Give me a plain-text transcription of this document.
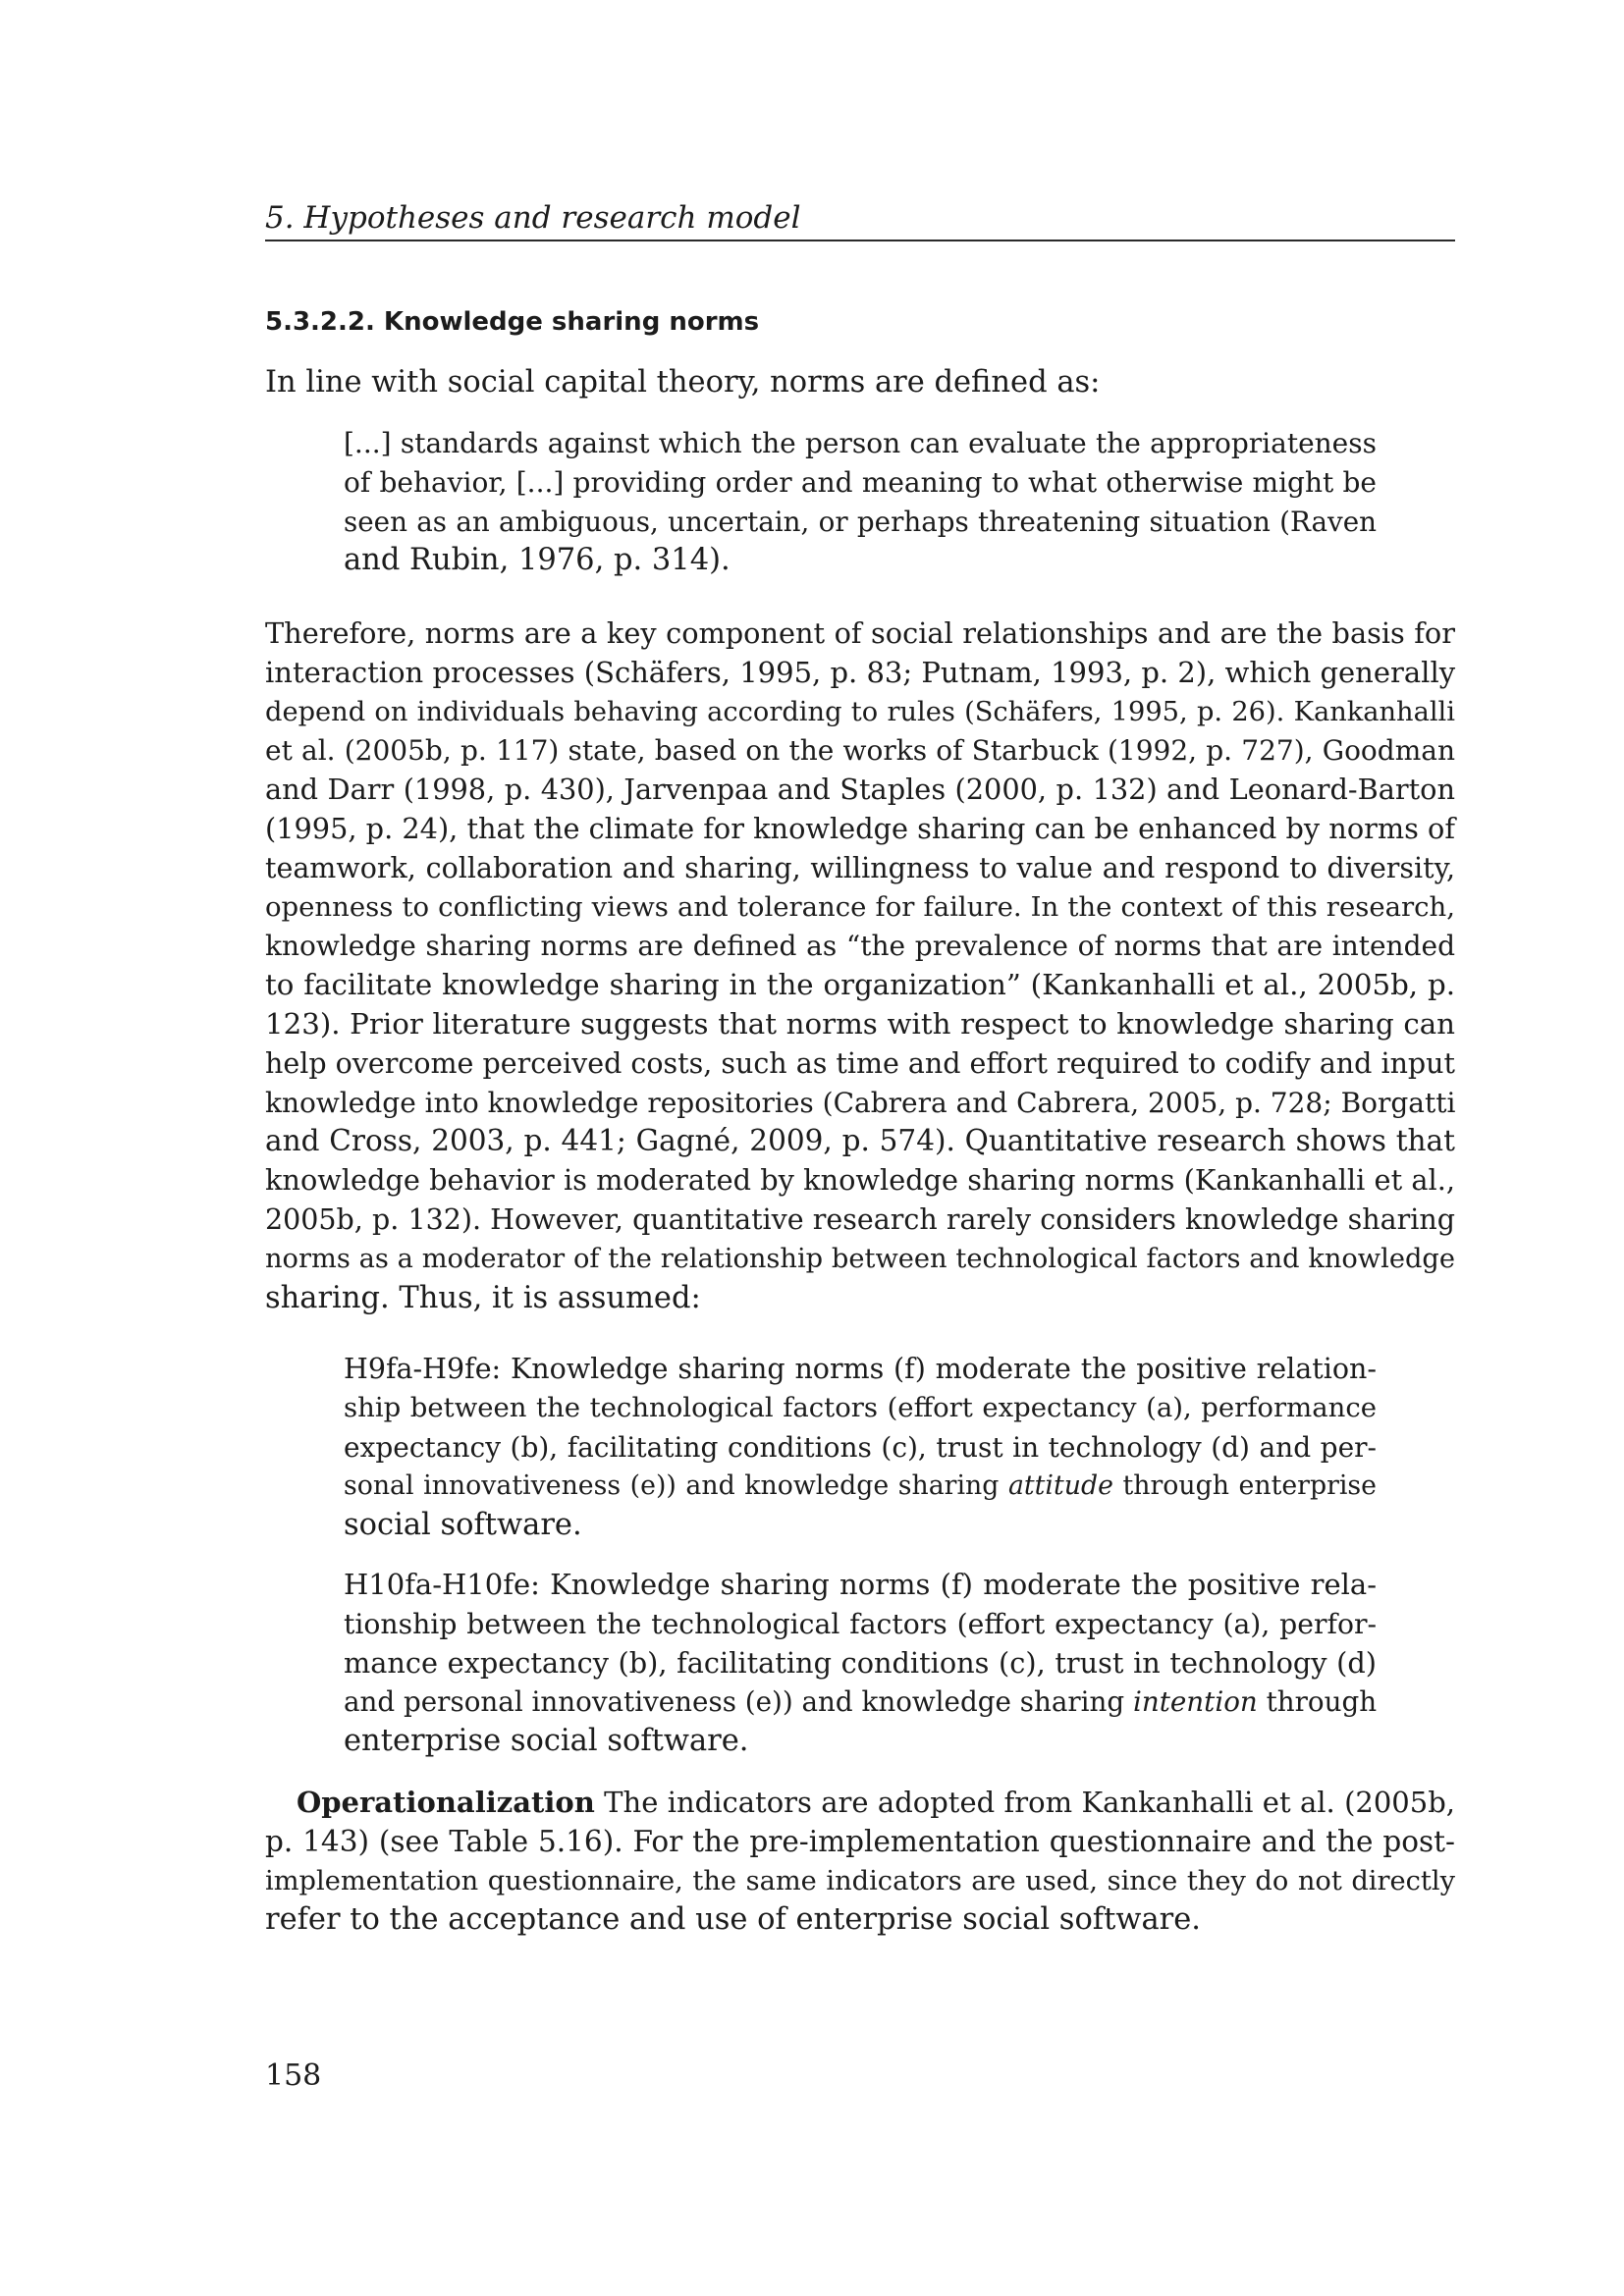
5. Hypotheses and research model
5.3.2.2. Knowledge sharing norms
In line with social capital theory, norms are defined as:
[...] standards against which the person can evaluate the appropriateness
of behavior, [...] providing order and meaning to what otherwise might be
seen as an ambiguous, uncertain, or perhaps threatening situation (Raven
and Rubin, 1976, p. 314).
Therefore, norms are a key component of social relationships and are the basis for
interaction processes (Schäfers, 1995, p. 83; Putnam, 1993, p. 2), which generally
depend on individuals behaving according to rules (Schäfers, 1995, p. 26). Kankanhalli
et al. (2005b, p. 117) state, based on the works of Starbuck (1992, p. 727), Goodman
and Darr (1998, p. 430), Jarvenpaa and Staples (2000, p. 132) and Leonard-Barton
(1995, p. 24), that the climate for knowledge sharing can be enhanced by norms of
teamwork, collaboration and sharing, willingness to value and respond to diversity,
openness to conflicting views and tolerance for failure. In the context of this research,
knowledge sharing norms are defined as “the prevalence of norms that are intended
to facilitate knowledge sharing in the organization” (Kankanhalli et al., 2005b, p.
123). Prior literature suggests that norms with respect to knowledge sharing can
help overcome perceived costs, such as time and effort required to codify and input
knowledge into knowledge repositories (Cabrera and Cabrera, 2005, p. 728; Borgatti
and Cross, 2003, p. 441; Gagné, 2009, p. 574). Quantitative research shows that
knowledge behavior is moderated by knowledge sharing norms (Kankanhalli et al.,
2005b, p. 132). However, quantitative research rarely considers knowledge sharing
norms as a moderator of the relationship between technological factors and knowledge
sharing. Thus, it is assumed:
H9fa-H9fe: Knowledge sharing norms (f) moderate the positive relation-
ship between the technological factors (effort expectancy (a), performance
expectancy (b), facilitating conditions (c), trust in technology (d) and per-
sonal innovativeness (e)) and knowledge sharing attitude through enterprise
social software.
H10fa-H10fe: Knowledge sharing norms (f) moderate the positive rela-
tionship between the technological factors (effort expectancy (a), perfor-
mance expectancy (b), facilitating conditions (c), trust in technology (d)
and personal innovativeness (e)) and knowledge sharing intention through
enterprise social software.
Operationalization The indicators are adopted from Kankanhalli et al. (2005b,
p. 143) (see Table 5.16). For the pre-implementation questionnaire and the post-
implementation questionnaire, the same indicators are used, since they do not directly
refer to the acceptance and use of enterprise social software.
158
